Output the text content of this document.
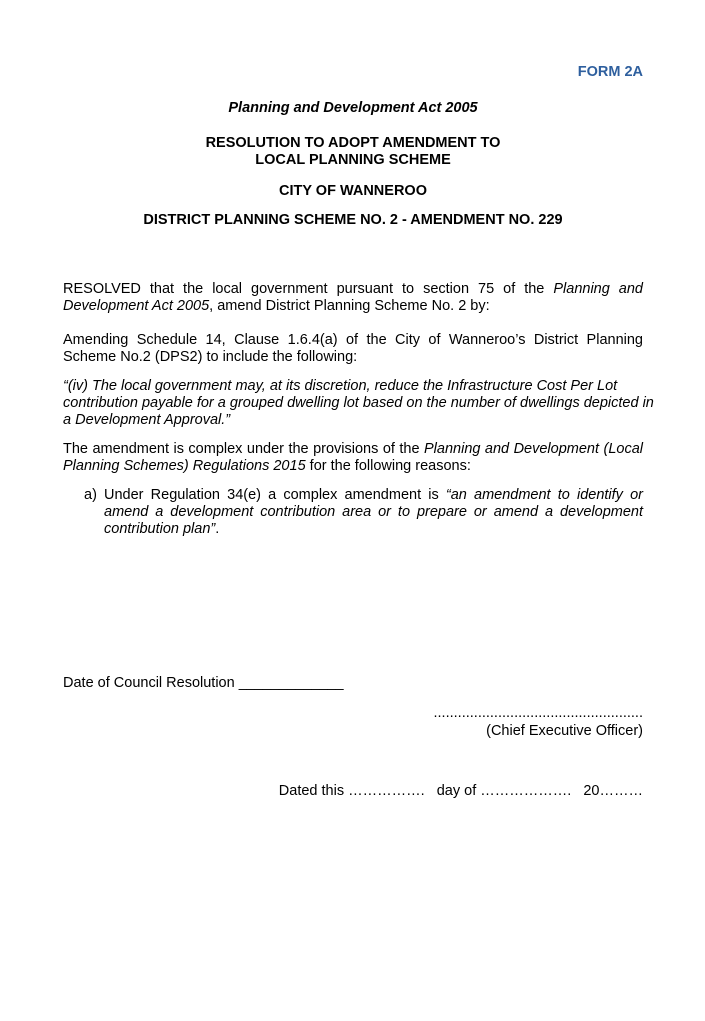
FORM 2A
Planning and Development Act 2005
RESOLUTION TO ADOPT AMENDMENT TO
LOCAL PLANNING SCHEME
CITY OF WANNEROO
DISTRICT PLANNING SCHEME NO. 2 - AMENDMENT NO. 229

RESOLVED that the local government pursuant to section 75 of the Planning and Development Act 2005, amend District Planning Scheme No. 2 by:

Amending Schedule 14, Clause 1.6.4(a) of the City of Wanneroo’s District Planning Scheme No.2 (DPS2) to include the following:

“(iv) The local government may, at its discretion, reduce the Infrastructure Cost Per Lot
contribution payable for a grouped dwelling lot based on the number of dwellings depicted in
a Development Approval.”

The amendment is complex under the provisions of the Planning and Development (Local Planning Schemes) Regulations 2015 for the following reasons:

a) Under Regulation 34(e) a complex amendment is “an amendment to identify or amend a development contribution area or to prepare or amend a development contribution plan”.
Date of Council Resolution _____________
....................................................
(Chief Executive Officer)
Dated this …………….   day of ……………….   20………
